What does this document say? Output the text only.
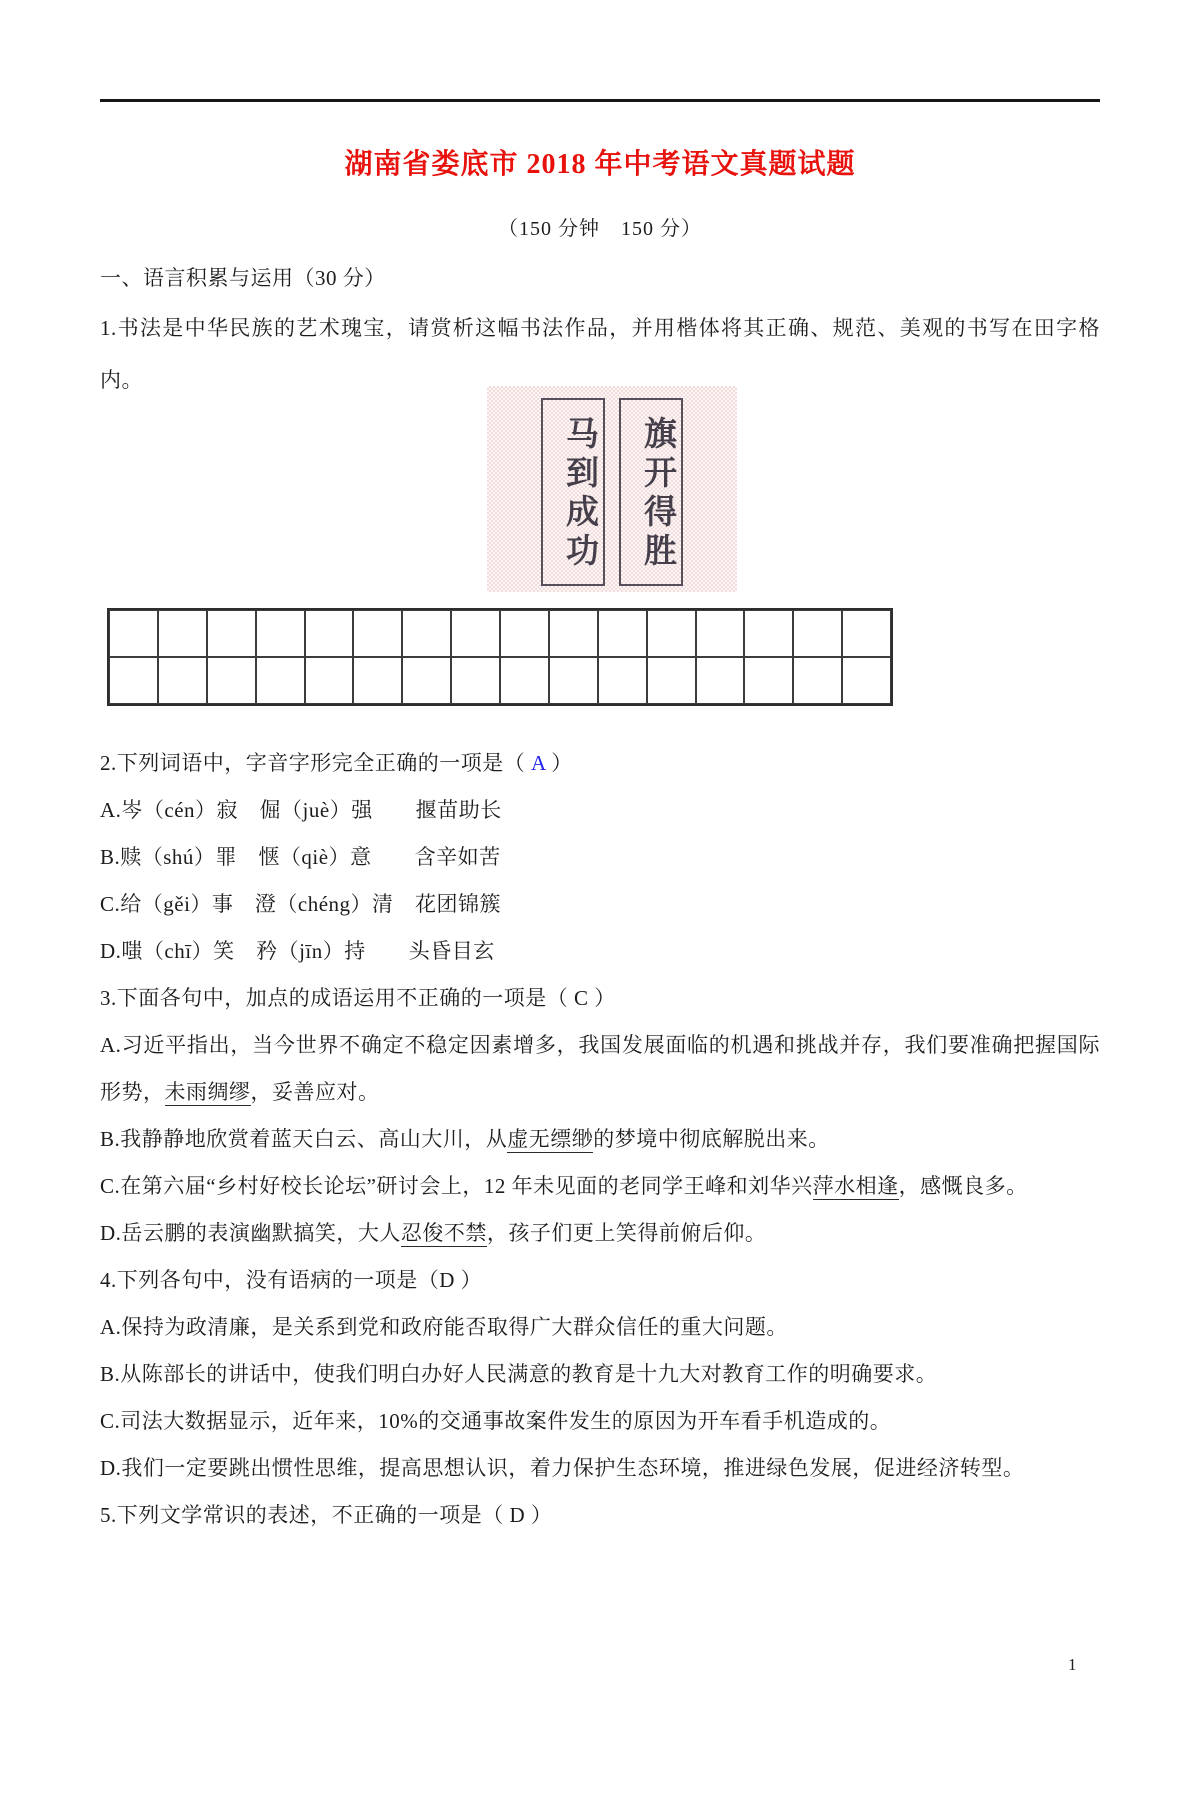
湖南省娄底市 2018 年中考语文真题试题
（150 分钟　150 分）

一、语言积累与运用（30 分）

1.书法是中华民族的艺术瑰宝，请赏析这幅书法作品，并用楷体将其正确、规范、美观的书写在田字格内。

马到成功	旗开得胜

2.下列词语中，字音字形完全正确的一项是（ A ）

A.岑（cén）寂　倔（juè）强　　揠苗助长

B.赎（shú）罪　惬（qiè）意　　含辛如苦

C.给（gěi）事　澄（chéng）清　花团锦簇

D.嗤（chī）笑　矜（jīn）持　　头昏目玄

3.下面各句中，加点的成语运用不正确的一项是（ C ）

A.习近平指出，当今世界不确定不稳定因素增多，我国发展面临的机遇和挑战并存，我们要准确把握国际形势，未雨绸缪，妥善应对。

B.我静静地欣赏着蓝天白云、高山大川，从虚无缥缈的梦境中彻底解脱出来。

C.在第六届“乡村好校长论坛”研讨会上，12 年未见面的老同学王峰和刘华兴萍水相逢，感慨良多。

D.岳云鹏的表演幽默搞笑，大人忍俊不禁，孩子们更上笑得前俯后仰。

4.下列各句中，没有语病的一项是（D ）

A.保持为政清廉，是关系到党和政府能否取得广大群众信任的重大问题。

B.从陈部长的讲话中，使我们明白办好人民满意的教育是十九大对教育工作的明确要求。

C.司法大数据显示，近年来，10%的交通事故案件发生的原因为开车看手机造成的。

D.我们一定要跳出惯性思维，提高思想认识，着力保护生态环境，推进绿色发展，促进经济转型。

5.下列文学常识的表述，不正确的一项是（ D ）

1
